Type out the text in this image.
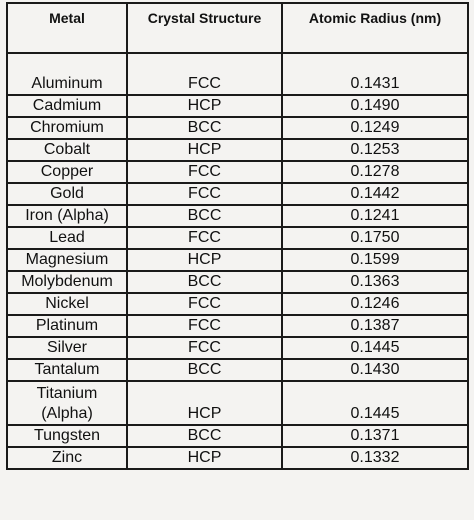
Metal	Crystal Structure	Atomic Radius (nm)
Aluminum	FCC	0.1431
Cadmium	HCP	0.1490
Chromium	BCC	0.1249
Cobalt	HCP	0.1253
Copper	FCC	0.1278
Gold	FCC	0.1442
Iron (Alpha)	BCC	0.1241
Lead	FCC	0.1750
Magnesium	HCP	0.1599
Molybdenum	BCC	0.1363
Nickel	FCC	0.1246
Platinum	FCC	0.1387
Silver	FCC	0.1445
Tantalum	BCC	0.1430

Titanium
(Alpha)	HCP	0.1445
Tungsten	BCC	0.1371
Zinc	HCP	0.1332
